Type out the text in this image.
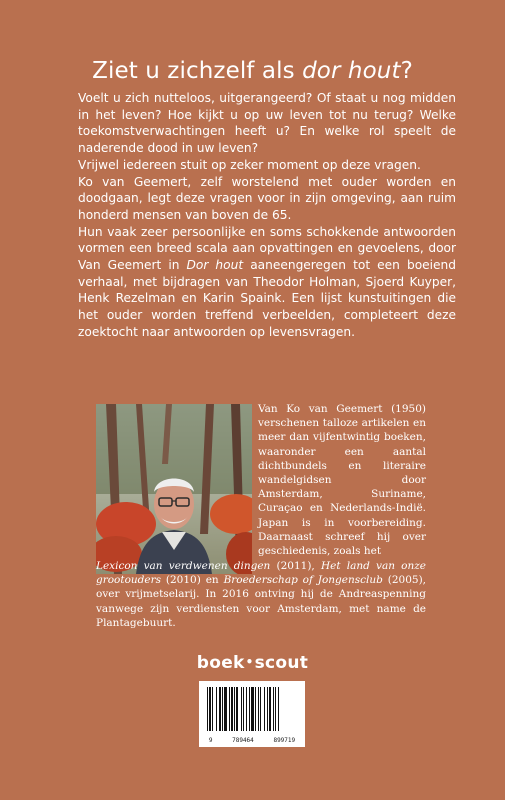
Ziet u zichzelf als dor hout?

Voelt u zich nutteloos, uitgerangeerd? Of staat u nog midden in het leven? Hoe kijkt u op uw leven tot nu terug? Welke toekomstverwachtingen heeft u? En welke rol speelt de naderende dood in uw leven?

Vrijwel iedereen stuit op zeker moment op deze vragen.

Ko van Geemert, zelf worstelend met ouder worden en doodgaan, legt deze vragen voor in zijn omgeving, aan ruim honderd mensen van boven de 65.

Hun vaak zeer persoonlijke en soms schokkende antwoorden vormen een breed scala aan opvattingen en gevoelens, door Van Geemert in Dor hout aaneengeregen tot een boeiend verhaal, met bijdragen van Theodor Holman, Sjoerd Kuyper, Henk Rezelman en Karin Spaink. Een lijst kunstuitingen die het ouder worden treffend verbeelden, completeert deze zoektocht naar antwoorden op levensvragen.

Van Ko van Geemert (1950) verschenen talloze artikelen en meer dan vijfentwintig boeken, waaronder een aantal dichtbundels en literaire wandelgidsen door Amsterdam, Suriname, Curaçao en Nederlands-Indië. Japan is in voorbereiding. Daarnaast schreef hij over geschiedenis, zoals het
Lexicon van verdwenen dingen (2011), Het land van onze grootouders (2010) en Broederschap of Jongensclub (2005), over vrijmetselarij. In 2016 ontving hij de Andreaspenning vanwege zijn verdiensten voor Amsterdam, met name de Plantagebuurt.
boek•scout
9	789464	899719
